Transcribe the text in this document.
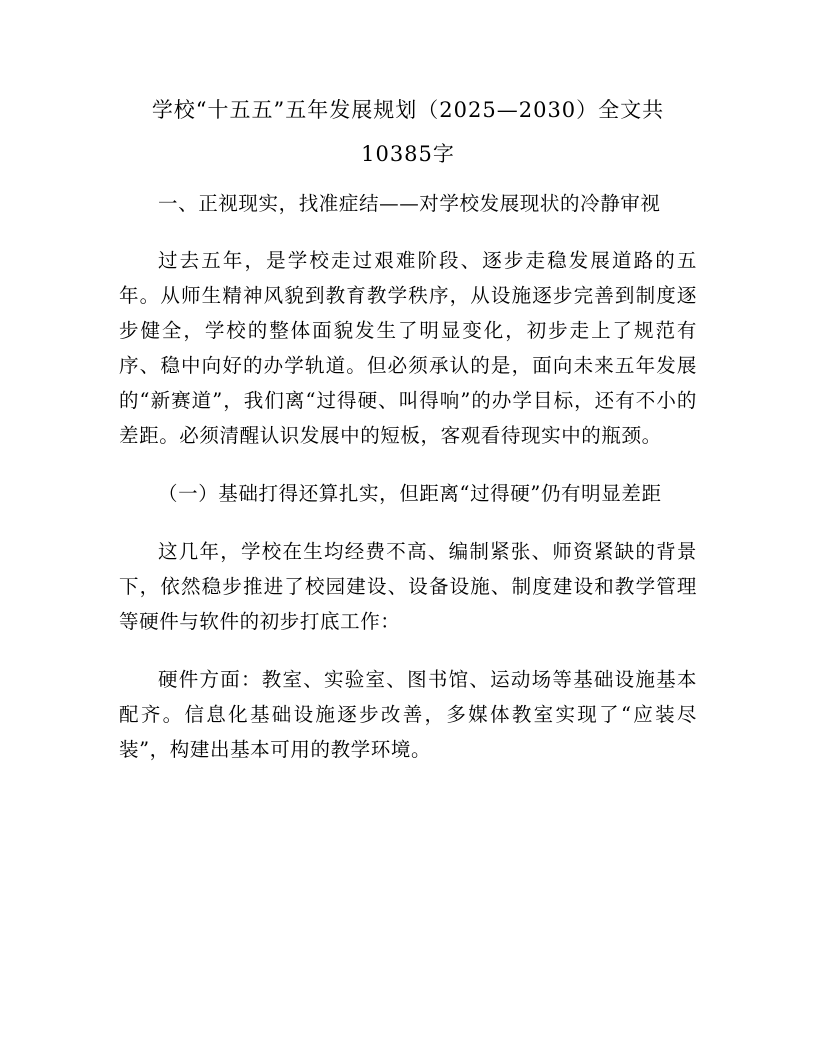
学校“十五五”五年发展规划（2025—2030）全文共10385字

一、正视现实，找准症结——对学校发展现状的冷静审视

过去五年，是学校走过艰难阶段、逐步走稳发展道路的五年。从师生精神风貌到教育教学秩序，从设施逐步完善到制度逐步健全，学校的整体面貌发生了明显变化，初步走上了规范有序、稳中向好的办学轨道。但必须承认的是，面向未来五年发展的“新赛道”，我们离“过得硬、叫得响”的办学目标，还有不小的差距。必须清醒认识发展中的短板，客观看待现实中的瓶颈。

（一）基础打得还算扎实，但距离“过得硬”仍有明显差距

这几年，学校在生均经费不高、编制紧张、师资紧缺的背景下，依然稳步推进了校园建设、设备设施、制度建设和教学管理等硬件与软件的初步打底工作：

硬件方面：教室、实验室、图书馆、运动场等基础设施基本配齐。信息化基础设施逐步改善，多媒体教室实现了“应装尽装”，构建出基本可用的教学环境。
